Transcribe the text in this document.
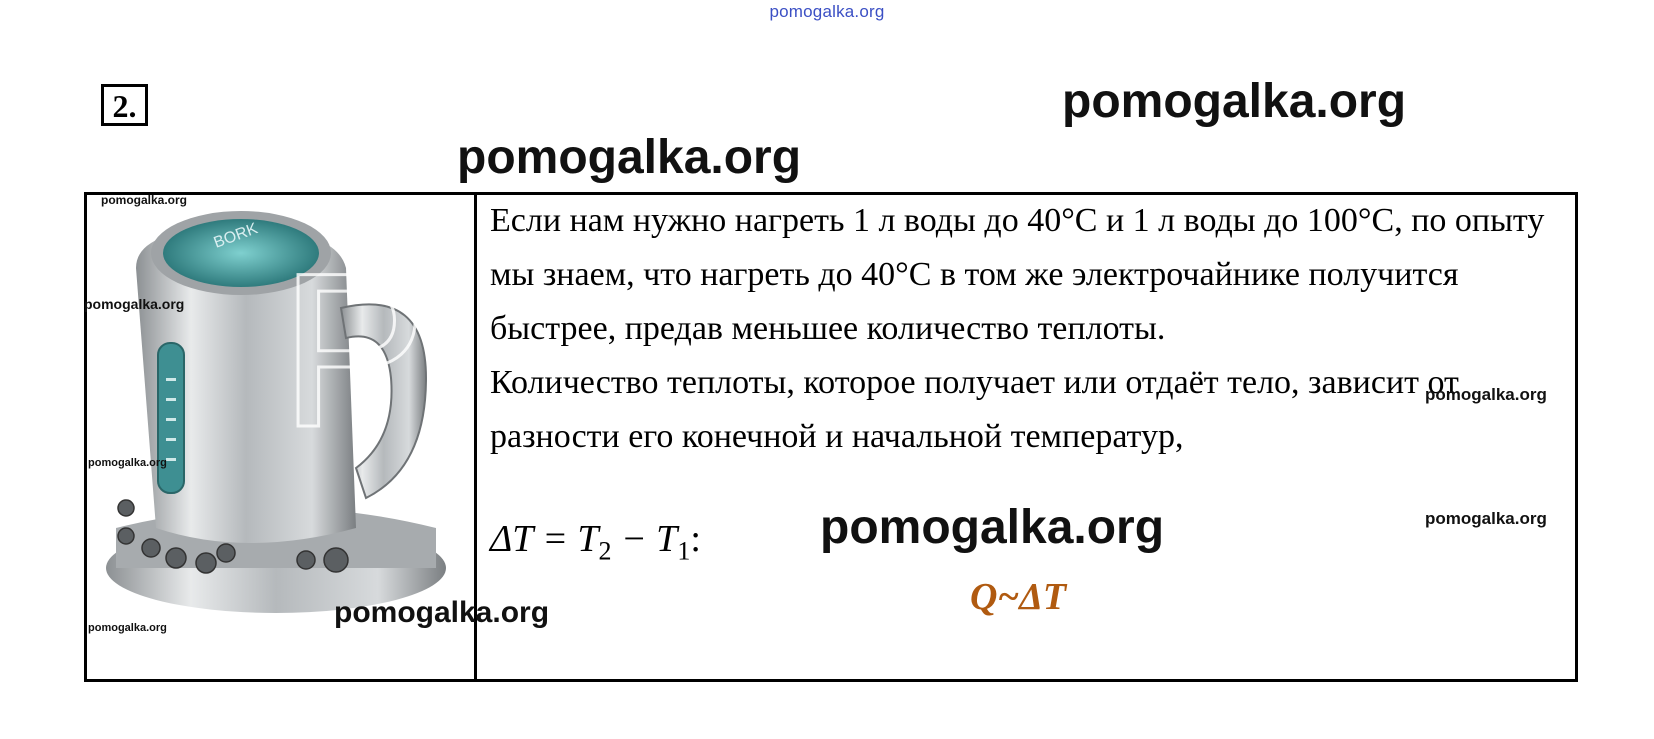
pomogalka.org
pomogalka.org
pomogalka.org
2.
BORK P
pomogalka.org
pomogalka.org
pomogalka.org
pomogalka.org	pomogalka.org

Если нам нужно нагреть 1 л воды до 40°С и 1 л воды до 100°С, по опыту мы знаем, что нагреть до 40°С в том же электрочайнике получится быстрее, предав меньшее количество теплоты.

Количество теплоты, которое получает или отдаёт тело, зависит от разности его конечной и начальной температур,

$\Delta T = T_2 - T_1$:
Q~ΔT
pomogalka.org
pomogalka.org
pomogalka.org
